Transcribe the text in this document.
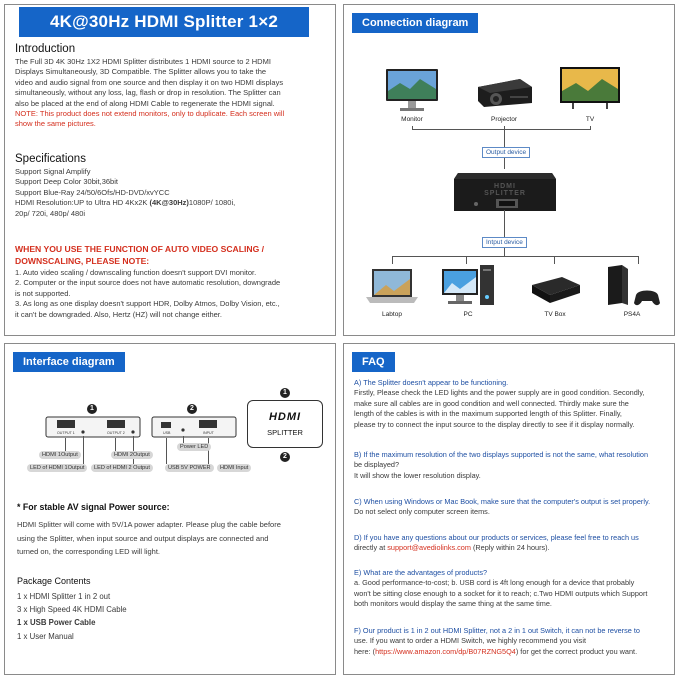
4K@30Hz HDMI Splitter 1×2
Introduction
The Full 3D 4K 30Hz 1X2 HDMI Splitter distributes 1 HDMI source to 2 HDMI
Displays Simultaneously, 3D Compatible. The Splitter allows you to take the
video and audio signal from one source and then display it on two HDMI displays
simultaneously, without any loss, lag, flash or drop in resolution. The Splitter can
also be placed at the end of along HDMI Cable to regenerate the HDMI signal.
NOTE: This product does not extend monitors, only to duplicate. Each screen will
show the same pictures.
Specifications
Support Signal Amplify
Support Deep Color 30bit,36bit
Support Blue-Ray 24/50/6Ofs/HD-DVD/xvYCC
HDMI Resolution:UP to Ultra HD 4Kx2K (4K@30Hz)1080P/ 1080i,
20p/ 720i, 480p/ 480i
WHEN YOU USE THE FUNCTION OF AUTO VIDEO SCALING /
DOWNSCALING, PLEASE NOTE:
1. Auto video scaling / downscaling function doesn't support DVI monitor.
2. Computer or the input source does not have automatic resolution, downgrade
is not supported.
3. As long as one display doesn't support HDR, Dolby Atmos, Dolby Vision, etc.,
it can't be downgraded. Also, Hertz (HZ) will not change either.
Connection diagram
Monitor	Projector	TV
Output device
HDMI SPLITTER
Intput device
Labtop	PC	TV Box	PS4A
Interface diagram
OUTPUT 1	OUTPUT 2
1
USB	INPUT
2
HDMI 1Output	HDMI 2Output
LED of HDMI 1Output	LED of HDMI 2 Output
Power LED
USB 5V POWER	HDMI Input
HDMI
SPLITTER
1
2
* For stable AV signal Power source:
HDMI Splitter will come with 5V/1A power adapter. Please plug the cable before
using the Splitter, when input source and output displays are connected and
turned on, the corresponding LED will light.
Package Contents
1 x HDMI Splitter 1 in 2 out
3 x High Speed 4K HDMI Cable
1 x USB Power Cable
1 x User Manual
FAQ
A) The Splitter doesn't appear to be functioning.
Firstly, Please check the LED lights and the power supply are in good condition. Secondly,
make sure all cables are in good condition and well connected. Thirdly make sure the
length of the cables is with in the maximum supported length of this Splitter. Finally,
please try to connect the input source to the display directly to see if it display normally.
B) If the maximum resolution of the two displays supported is not the same, what resolution
be displayed?
It will show the lower resolution display.
C) When using Windows or Mac Book, make sure that the computer's output is set properly.
Do not select only computer screen items.
D) If you have any questions about our products or services, please feel free to reach us
directly at support@avediolinks.com (Reply within 24 hours).
E) What are the advantages of products?
a. Good performance-to-cost; b. USB cord is 4ft long enough for a device that probably
won't be sitting close enough to a socket for it to reach; c.Two HDMI outputs which Support
both monitors would display the same thing at the same time.
F) Our product is 1 in 2 out HDMI Splitter, not a 2 in 1 out Switch, it can not be reverse to
use. If you want to order a HDMI Switch, we highly recommend you visit
here: (https://www.amazon.com/dp/B07RZNG5Q4) for get the correct product you want.
